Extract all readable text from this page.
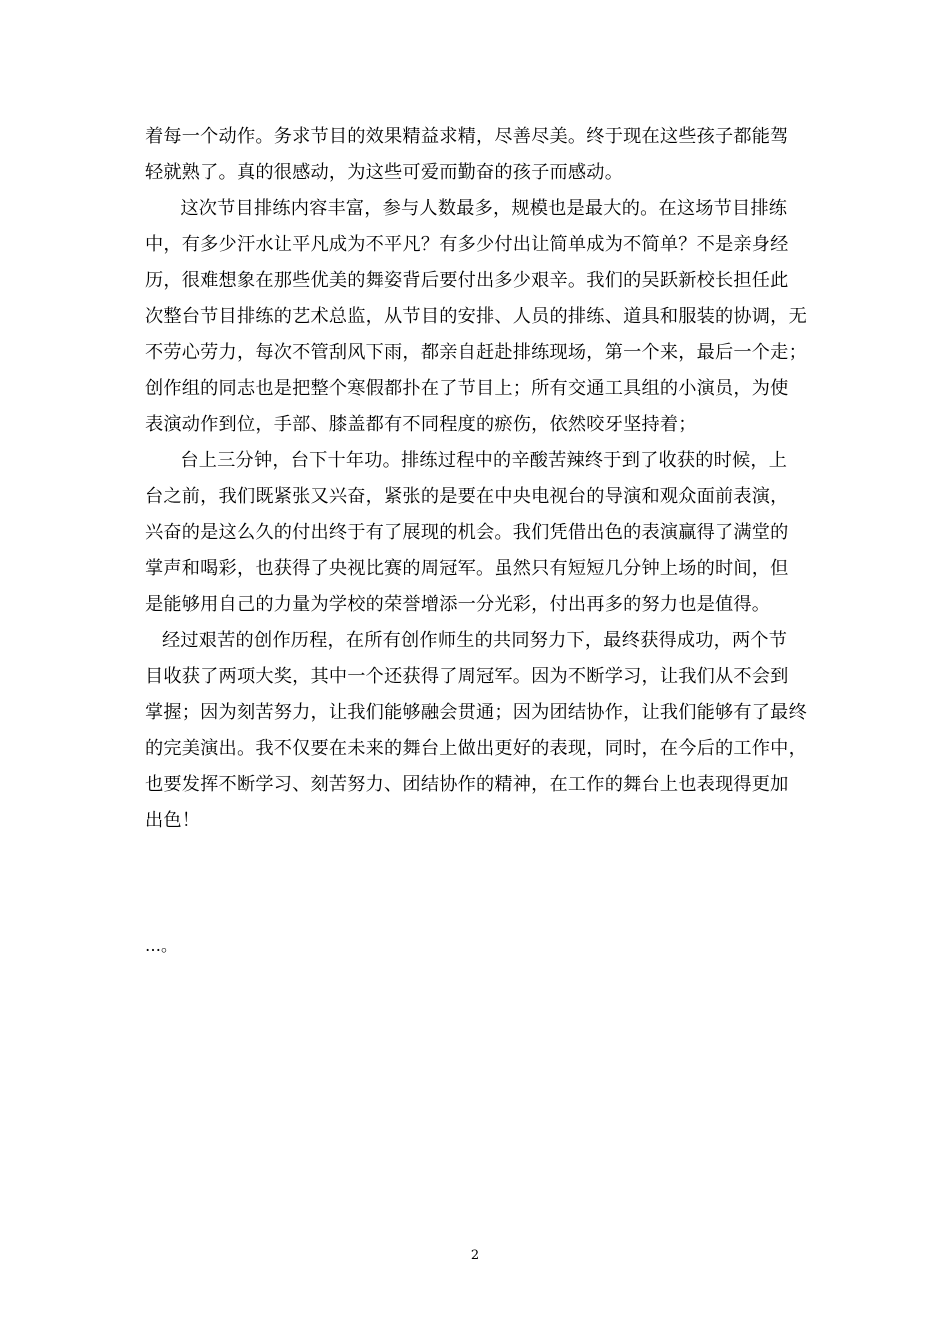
着每一个动作。务求节目的效果精益求精，尽善尽美。终于现在这些孩子都能驾
轻就熟了。真的很感动，为这些可爱而勤奋的孩子而感动。
　这次节目排练内容丰富，参与人数最多，规模也是最大的。在这场节目排练
中，有多少汗水让平凡成为不平凡？有多少付出让简单成为不简单？不是亲身经
历，很难想象在那些优美的舞姿背后要付出多少艰辛。我们的吴跃新校长担任此
次整台节目排练的艺术总监，从节目的安排、人员的排练、道具和服装的协调，无
不劳心劳力，每次不管刮风下雨，都亲自赶赴排练现场，第一个来，最后一个走；
创作组的同志也是把整个寒假都扑在了节目上；所有交通工具组的小演员，为使
表演动作到位，手部、膝盖都有不同程度的瘀伤，依然咬牙坚持着；
　台上三分钟，台下十年功。排练过程中的辛酸苦辣终于到了收获的时候，上
台之前，我们既紧张又兴奋，紧张的是要在中央电视台的导演和观众面前表演，
兴奋的是这么久的付出终于有了展现的机会。我们凭借出色的表演赢得了满堂的
掌声和喝彩，也获得了央视比赛的周冠军。虽然只有短短几分钟上场的时间，但
是能够用自己的力量为学校的荣誉增添一分光彩，付出再多的努力也是值得。
经过艰苦的创作历程，在所有创作师生的共同努力下，最终获得成功，两个节
目收获了两项大奖，其中一个还获得了周冠军。因为不断学习，让我们从不会到
掌握；因为刻苦努力，让我们能够融会贯通；因为团结协作，让我们能够有了最终
的完美演出。我不仅要在未来的舞台上做出更好的表现，同时，在今后的工作中，
也要发挥不断学习、刻苦努力、团结协作的精神，在工作的舞台上也表现得更加
出色！
…。
2
